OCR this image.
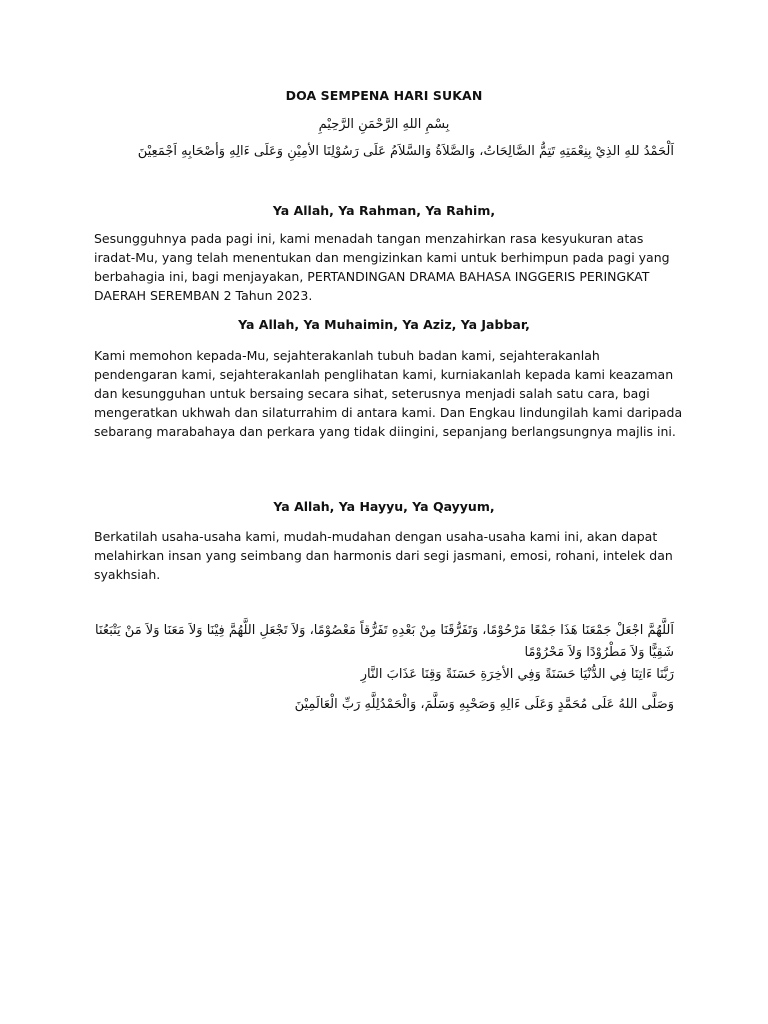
DOA SEMPENA HARI SUKAN
بِسْمِ اللهِ الرَّحْمَنِ الرَّحِيْمِ
اَلْحَمْدُ للهِ الذِيْ بِنِعْمَتِهِ تَتِمُّ الصَّالِحَاتُ، وَالصَّلاَةُ وَالسَّلاَمُ عَلَى رَسُوْلِنَا الأمِيْنِ وَعَلَى ءَالِهِ وَأصْحَابِهِ اَجْمَعِيْنَ
Ya Allah, Ya Rahman, Ya Rahim,

Sesungguhnya pada pagi ini, kami menadah tangan menzahirkan rasa kesyukuran atas iradat-Mu, yang telah menentukan dan mengizinkan kami untuk berhimpun pada pagi yang berbahagia ini, bagi menjayakan, PERTANDINGAN DRAMA BAHASA INGGERIS PERINGKAT DAERAH SEREMBAN 2 Tahun 2023.

Ya Allah, Ya Muhaimin, Ya Aziz, Ya Jabbar,

Kami memohon kepada-Mu, sejahterakanlah tubuh badan kami, sejahterakanlah pendengaran kami, sejahterakanlah penglihatan kami, kurniakanlah kepada kami keazaman dan kesungguhan untuk bersaing secara sihat, seterusnya menjadi salah satu cara, bagi mengeratkan ukhwah dan silaturrahim di antara kami. Dan Engkau lindungilah kami daripada sebarang marabahaya dan perkara yang tidak diingini, sepanjang berlangsungnya majlis ini.

Ya Allah, Ya Hayyu, Ya Qayyum,

Berkatilah usaha-usaha kami, mudah-mudahan dengan usaha-usaha kami ini, akan dapat melahirkan insan yang seimbang dan harmonis dari segi jasmani, emosi, rohani, intelek dan syakhsiah.

اَللَّهُمَّ اجْعَلْ جَمْعَنَا هَذَا جَمْعًا مَرْحُوْمًا، وَتَفَرُّقَنَا مِنْ بَعْدِهِ تَفَرُّقاً مَعْصُوْمًا، وَلاَ تَجْعَلِ اللَّهُمَّ فِيْنَا وَلاَ مَعَنَا وَلاَ مَنْ يَتْبَعُنَا شَقِيًّا وَلاَ مَطْرُوْدًا وَلاَ مَحْرُوْمًا
رَبَّنَا ءَاتِنَا فِي الدُّنْيَا حَسَنَةً وَفِي الأخِرَةِ حَسَنَةً وَقِنَا عَذَابَ النَّارِ
وَصَلَّى اللهُ عَلَى مُحَمَّدٍ وَعَلَى ءَالِهِ وَصَحْبِهِ وَسَلَّمَ، وَالْحَمْدُلِلَّهِ رَبِّ الْعَالَمِيْنَ
